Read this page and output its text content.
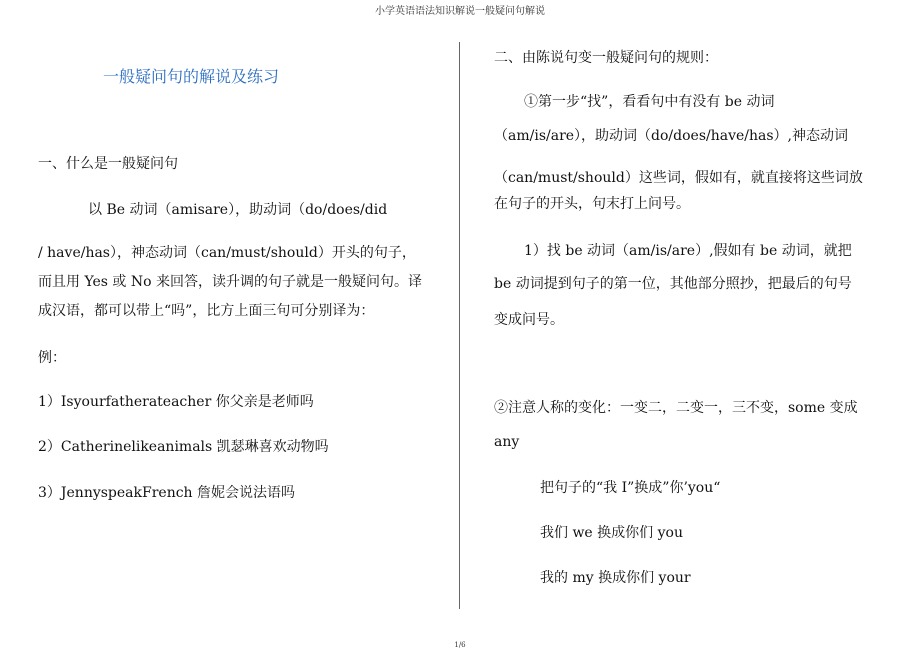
小学英语语法知识解说一般疑问句解说
一般疑问句的解说及练习
一、什么是一般疑问句
以 Be 动词（amisare），助动词（do/does/did
/ have/has），神态动词（can/must/should）开头的句子，
而且用 Yes 或 No 来回答，读升调的句子就是一般疑问句。译
成汉语，都可以带上“吗”，比方上面三句可分别译为：
例：
1）Isyourfatherateacher 你父亲是老师吗
2）Catherinelikeanimals 凯瑟琳喜欢动物吗
3）JennyspeakFrench 詹妮会说法语吗
二、由陈说句变一般疑问句的规则：
①第一步“找”，看看句中有没有 be 动词
（am/is/are），助动词（do/does/have/has）,神态动词
（can/must/should）这些词，假如有，就直接将这些词放
在句子的开头，句末打上问号。
1）找 be 动词（am/is/are）,假如有 be 动词，就把
be 动词提到句子的第一位，其他部分照抄，把最后的句号
变成问号。
②注意人称的变化：一变二，二变一，三不变，some 变成
any
把句子的“我 I”换成”你’you“
我们 we 换成你们 you
我的 my 换成你们 your
1/6
